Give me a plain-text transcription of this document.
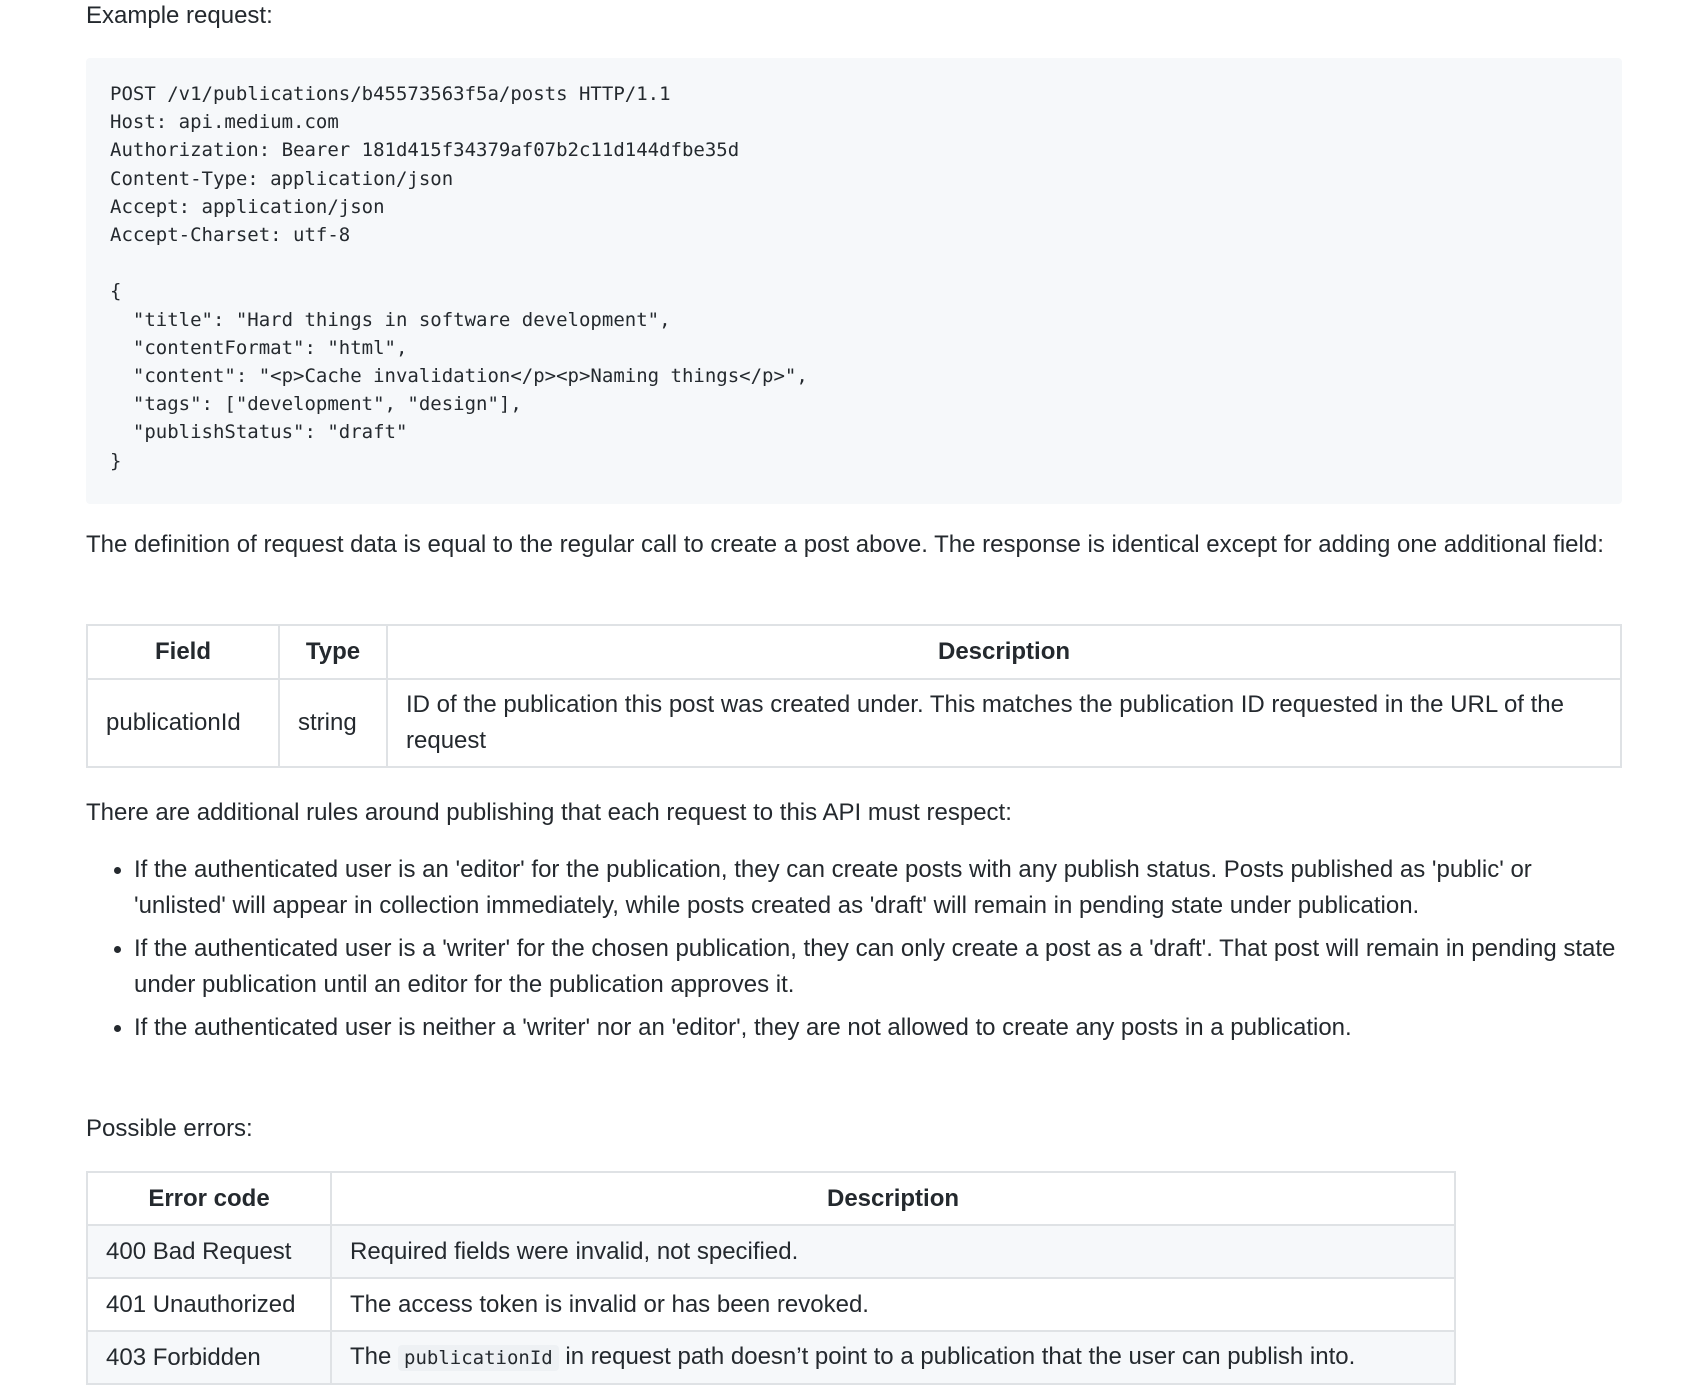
Example request:

POST /v1/publications/b45573563f5a/posts HTTP/1.1
Host: api.medium.com
Authorization: Bearer 181d415f34379af07b2c11d144dfbe35d
Content-Type: application/json
Accept: application/json
Accept-Charset: utf-8

{
"title": "Hard things in software development",
"contentFormat": "html",
"content": "<p>Cache invalidation</p><p>Naming things</p>",
"tags": ["development", "design"],
"publishStatus": "draft"
}

The definition of request data is equal to the regular call to create a post above. The response is identical except for adding one additional field:

Field	Type	Description
publicationId	string	ID of the publication this post was created under. This matches the publication ID requested in the URL of the request

There are additional rules around publishing that each request to this API must respect:

• If the authenticated user is an 'editor' for the publication, they can create posts with any publish status. Posts published as 'public' or 'unlisted' will appear in collection immediately, while posts created as 'draft' will remain in pending state under publication.
• If the authenticated user is a 'writer' for the chosen publication, they can only create a post as a 'draft'. That post will remain in pending state under publication until an editor for the publication approves it.
• If the authenticated user is neither a 'writer' nor an 'editor', they are not allowed to create any posts in a publication.

Possible errors:

Error code	Description
400 Bad Request	Required fields were invalid, not specified.
401 Unauthorized	The access token is invalid or has been revoked.
403 Forbidden	The publicationId in request path doesn’t point to a publication that the user can publish into.
